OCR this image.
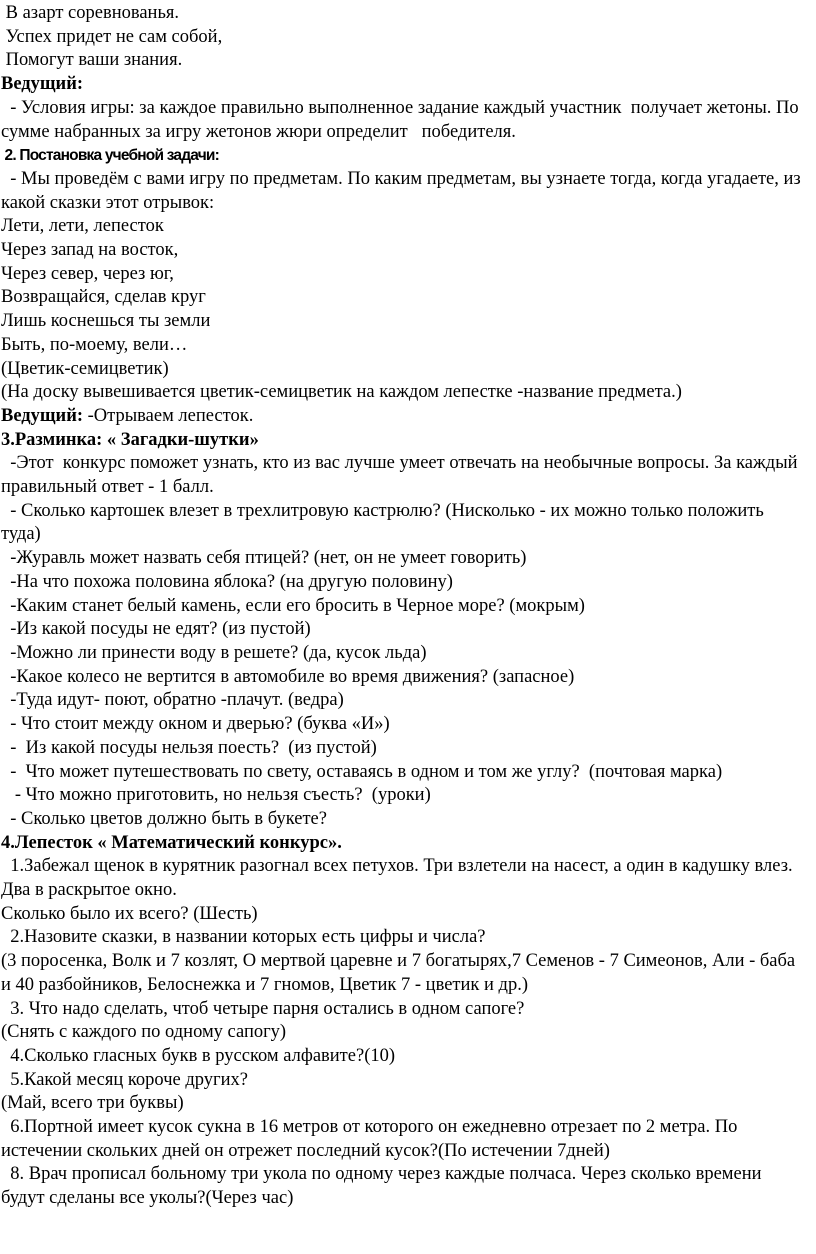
В азарт соревнованья.
Успех придет не сам собой,
Помогут ваши знания.
Ведущий:
- Условия игры: за каждое правильно выполненное задание каждый участник  получает жетоны. По сумме набранных за игру жетонов жюри определит   победителя.
2. Постановка учебной задачи:
- Мы проведём с вами игру по предметам. По каким предметам, вы узнаете тогда, когда угадаете, из какой сказки этот отрывок:
Лети, лети, лепесток
Через запад на восток,
Через север, через юг,
Возвращайся, сделав круг
Лишь коснешься ты земли
Быть, по-моему, вели…
(Цветик-семицветик)
(На доску вывешивается цветик-семицветик на каждом лепестке -название предмета.)
Ведущий: -Отрываем лепесток.
3.Разминка: « Загадки-шутки»
-Этот  конкурс поможет узнать, кто из вас лучше умеет отвечать на необычные вопросы. За каждый правильный ответ - 1 балл.
- Сколько картошек влезет в трехлитровую кастрюлю? (Нисколько - их можно только положить туда)
-Журавль может назвать себя птицей? (нет, он не умеет говорить)
-На что похожа половина яблока? (на другую половину)
-Каким станет белый камень, если его бросить в Черное море? (мокрым)
-Из какой посуды не едят? (из пустой)
-Можно ли принести воду в решете? (да, кусок льда)
-Какое колесо не вертится в автомобиле во время движения? (запасное)
-Туда идут- поют, обратно -плачут. (ведра)
- Что стоит между окном и дверью? (буква «И»)
-  Из какой посуды нельзя поесть?  (из пустой)
-  Что может путешествовать по свету, оставаясь в одном и том же углу?  (почтовая марка)
- Что можно приготовить, но нельзя съесть?  (уроки)
- Сколько цветов должно быть в букете?
4.Лепесток « Математический конкурс».
1.Забежал щенок в курятник разогнал всех петухов. Три взлетели на насест, а один в кадушку влез. Два в раскрытое окно.
Сколько было их всего? (Шесть)
2.Назовите сказки, в названии которых есть цифры и числа?
(3 поросенка, Волк и 7 козлят, О мертвой царевне и 7 богатырях,7 Семенов - 7 Симеонов, Али - баба и 40 разбойников, Белоснежка и 7 гномов, Цветик 7 - цветик и др.)
3. Что надо сделать, чтоб четыре парня остались в одном сапоге?
(Снять с каждого по одному сапогу)
4.Сколько гласных букв в русском алфавите?(10)
5.Какой месяц короче других?
(Май, всего три буквы)
6.Портной имеет кусок сукна в 16 метров от которого он ежедневно отрезает по 2 метра. По истечении скольких дней он отрежет последний кусок?(По истечении 7дней)
8. Врач прописал больному три укола по одному через каждые полчаса. Через сколько времени будут сделаны все уколы?(Через час)
